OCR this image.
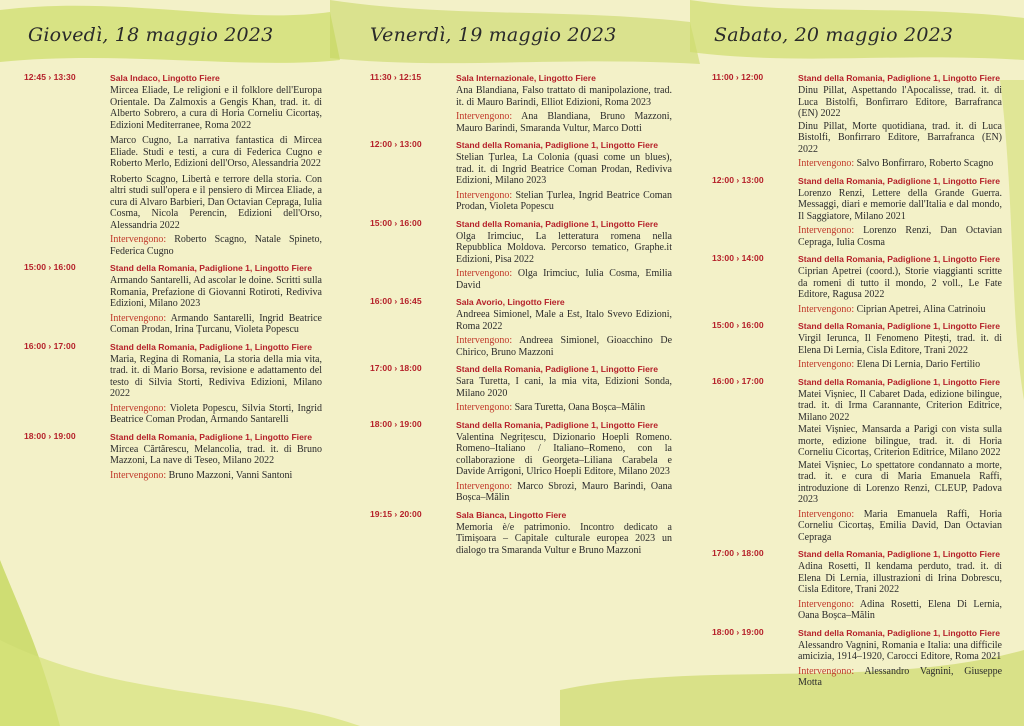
Giovedì, 18 maggio 2023
12:45 › 13:30	Sala Indaco, Lingotto Fiere
Mircea Eliade, Le religioni e il folklore dell'Europa Orientale. Da Zalmoxis a Gengis Khan, trad. it. di Alberto Sobrero, a cura di Horia Corneliu Cicortaș, Edizioni Mediterranee, Roma 2022
Marco Cugno, La narrativa fantastica di Mircea Eliade. Studi e testi, a cura di Federica Cugno e Roberto Merlo, Edizioni dell'Orso, Alessandria 2022
Roberto Scagno, Libertà e terrore della storia. Con altri studi sull'opera e il pensiero di Mircea Eliade, a cura di Alvaro Barbieri, Dan Octavian Cepraga, Iulia Cosma, Nicola Perencin, Edizioni dell'Orso, Alessandria 2022
Intervengono: Roberto Scagno, Natale Spineto, Federica Cugno
15:00 › 16:00	Stand della Romania, Padiglione 1, Lingotto Fiere
Armando Santarelli, Ad ascolar le doine. Scritti sulla Romania, Prefazione di Giovanni Rotiroti, Rediviva Edizioni, Milano 2023
Intervengono: Armando Santarelli, Ingrid Beatrice Coman Prodan, Irina Țurcanu, Violeta Popescu
16:00 › 17:00	Stand della Romania, Padiglione 1, Lingotto Fiere
Maria, Regina di Romania, La storia della mia vita, trad. it. di Mario Borsa, revisione e adattamento del testo di Silvia Storti, Rediviva Edizioni, Milano 2022
Intervengono: Violeta Popescu, Silvia Storti, Ingrid Beatrice Coman Prodan, Armando Santarelli
18:00 › 19:00	Stand della Romania, Padiglione 1, Lingotto Fiere
Mircea Cărtărescu, Melancolia, trad. it. di Bruno Mazzoni, La nave di Teseo, Milano 2022
Intervengono: Bruno Mazzoni, Vanni Santoni
Venerdì, 19 maggio 2023
11:30 › 12:15	Sala Internazionale, Lingotto Fiere
Ana Blandiana, Falso trattato di manipolazione, trad. it. di Mauro Barindi, Elliot Edizioni, Roma 2023
Intervengono: Ana Blandiana, Bruno Mazzoni, Mauro Barindi, Smaranda Vultur, Marco Dotti
12:00 › 13:00	Stand della Romania, Padiglione 1, Lingotto Fiere
Stelian Țurlea, La Colonia (quasi come un blues), trad. it. di Ingrid Beatrice Coman Prodan, Rediviva Edizioni, Milano 2023
Intervengono: Stelian Țurlea, Ingrid Beatrice Coman Prodan, Violeta Popescu
15:00 › 16:00	Stand della Romania, Padiglione 1, Lingotto Fiere
Olga Irimciuc, La letteratura romena nella Repubblica Moldova. Percorso tematico, Graphe.it Edizioni, Pisa 2022
Intervengono: Olga Irimciuc, Iulia Cosma, Emilia David
16:00 › 16:45	Sala Avorio, Lingotto Fiere
Andreea Simionel, Male a Est, Italo Svevo Edizioni, Roma 2022
Intervengono: Andreea Simionel, Gioacchino De Chirico, Bruno Mazzoni
17:00 › 18:00	Stand della Romania, Padiglione 1, Lingotto Fiere
Sara Turetta, I cani, la mia vita, Edizioni Sonda, Milano 2020
Intervengono: Sara Turetta, Oana Boșca–Mălin
18:00 › 19:00	Stand della Romania, Padiglione 1, Lingotto Fiere
Valentina Negrițescu, Dizionario Hoepli Romeno. Romeno–Italiano / Italiano–Romeno, con la collaborazione di Georgeta–Liliana Carabela e Davide Arrigoni, Ulrico Hoepli Editore, Milano 2023
Intervengono: Marco Sbrozi, Mauro Barindi, Oana Boșca–Mălin
19:15 › 20:00	Sala Bianca, Lingotto Fiere
Memoria è/e patrimonio. Incontro dedicato a Timișoara – Capitale culturale europea 2023 un dialogo tra Smaranda Vultur e Bruno Mazzoni
Sabato, 20 maggio 2023
11:00 › 12:00	Stand della Romania, Padiglione 1, Lingotto Fiere
Dinu Pillat, Aspettando l'Apocalisse, trad. it. di Luca Bistolfi, Bonfirraro Editore, Barrafranca (EN) 2022
Dinu Pillat, Morte quotidiana, trad. it. di Luca Bistolfi, Bonfirraro Editore, Barrafranca (EN) 2022
Intervengono: Salvo Bonfirraro, Roberto Scagno
12:00 › 13:00	Stand della Romania, Padiglione 1, Lingotto Fiere
Lorenzo Renzi, Lettere della Grande Guerra. Messaggi, diari e memorie dall'Italia e dal mondo, Il Saggiatore, Milano 2021
Intervengono: Lorenzo Renzi, Dan Octavian Cepraga, Iulia Cosma
13:00 › 14:00	Stand della Romania, Padiglione 1, Lingotto Fiere
Ciprian Apetrei (coord.), Storie viaggianti scritte da romeni di tutto il mondo, 2 voll., Le Fate Editore, Ragusa 2022
Intervengono: Ciprian Apetrei, Alina Catrinoiu
15:00 › 16:00	Stand della Romania, Padiglione 1, Lingotto Fiere
Virgil Ierunca, Il Fenomeno Pitești, trad. it. di Elena Di Lernia, Cisla Editore, Trani 2022
Intervengono: Elena Di Lernia, Dario Fertilio
16:00 › 17:00	Stand della Romania, Padiglione 1, Lingotto Fiere
Matei Vișniec, Il Cabaret Dada, edizione bilingue, trad. it. di Irma Carannante, Criterion Editrice, Milano 2022
Matei Vișniec, Mansarda a Parigi con vista sulla morte, edizione bilingue, trad. it. di Horia Corneliu Cicortaș, Criterion Editrice, Milano 2022
Matei Vișniec, Lo spettatore condannato a morte, trad. it. e cura di Maria Emanuela Raffi, introduzione di Lorenzo Renzi, CLEUP, Padova 2023
Intervengono: Maria Emanuela Raffi, Horia Corneliu Cicortaș, Emilia David, Dan Octavian Cepraga
17:00 › 18:00	Stand della Romania, Padiglione 1, Lingotto Fiere
Adina Rosetti, Il kendama perduto, trad. it. di Elena Di Lernia, illustrazioni di Irina Dobrescu, Cisla Editore, Trani 2022
Intervengono: Adina Rosetti, Elena Di Lernia, Oana Boșca–Mălin
18:00 › 19:00	Stand della Romania, Padiglione 1, Lingotto Fiere
Alessandro Vagnini, Romania e Italia: una difficile amicizia, 1914–1920, Carocci Editore, Roma 2021
Intervengono: Alessandro Vagnini, Giuseppe Motta
